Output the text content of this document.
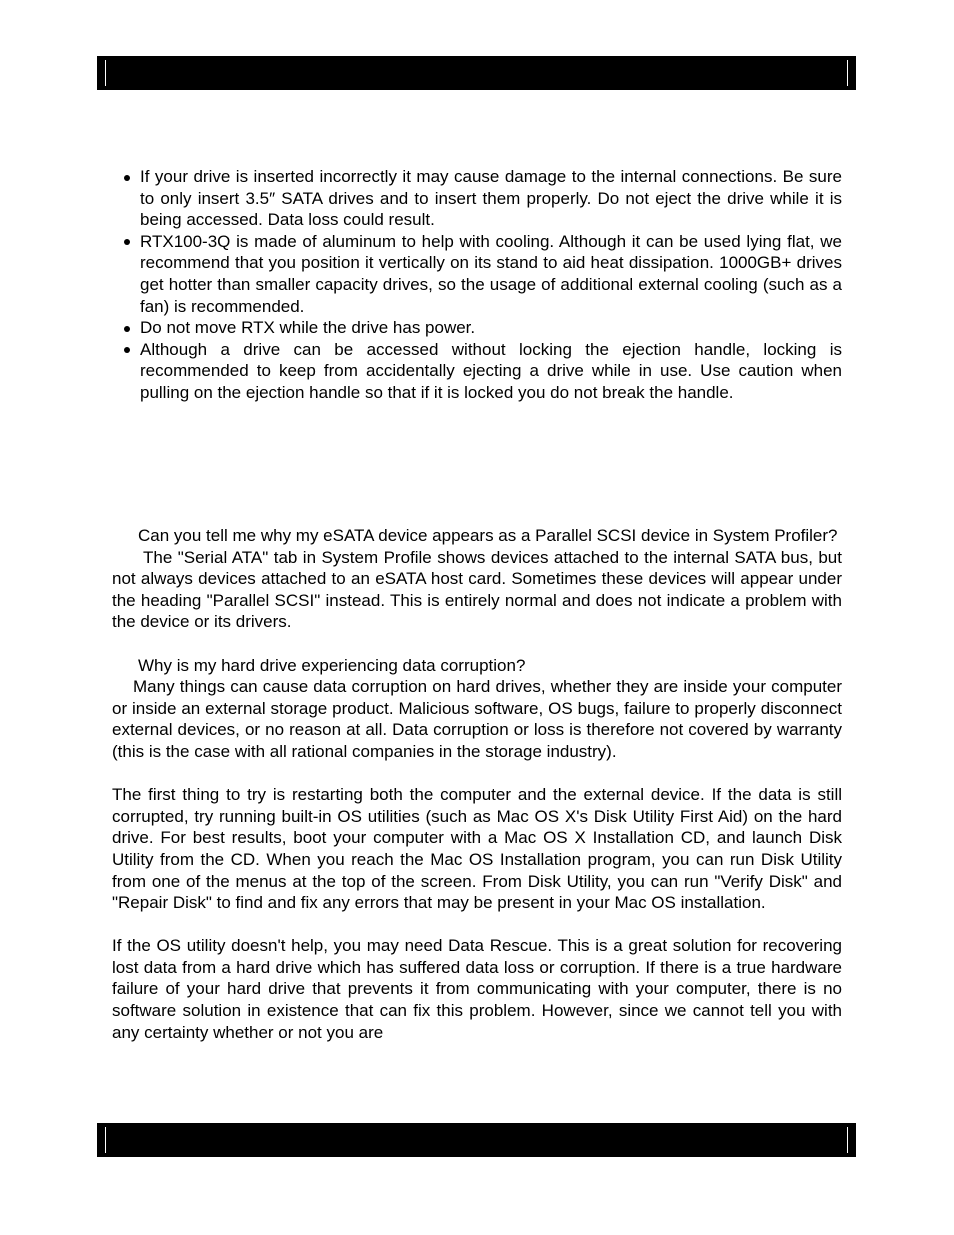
If your drive is inserted incorrectly it may cause damage to the internal connections. Be sure to only insert 3.5″ SATA drives and to insert them properly. Do not eject the drive while it is being accessed. Data loss could result.
RTX100-3Q is made of aluminum to help with cooling. Although it can be used lying flat, we recommend that you position it vertically on its stand to aid heat dissipation. 1000GB+ drives get hotter than smaller capacity drives, so the usage of additional external cooling (such as a fan) is recommended.
Do not move RTX while the drive has power.
Although a drive can be accessed without locking the ejection handle, locking is recommended to keep from accidentally ejecting a drive while in use. Use caution when pulling on the ejection handle so that if it is locked you do not break the handle.

Can you tell me why my eSATA device appears as a Parallel SCSI device in System Profiler?

The "Serial ATA" tab in System Profile shows devices attached to the internal SATA bus, but not always devices attached to an eSATA host card. Sometimes these devices will appear under the heading "Parallel SCSI" instead. This is entirely normal and does not indicate a problem with the device or its drivers.

Why is my hard drive experiencing data corruption?

Many things can cause data corruption on hard drives, whether they are inside your computer or inside an external storage product. Malicious software, OS bugs, failure to properly disconnect external devices, or no reason at all. Data corruption or loss is therefore not covered by warranty (this is the case with all rational companies in the storage industry).

The first thing to try is restarting both the computer and the external device. If the data is still corrupted, try running built-in OS utilities (such as Mac OS X's Disk Utility First Aid) on the hard drive. For best results, boot your computer with a Mac OS X Installation CD, and launch Disk Utility from the CD. When you reach the Mac OS Installation program, you can run Disk Utility from one of the menus at the top of the screen. From Disk Utility, you can run "Verify Disk" and "Repair Disk" to find and fix any errors that may be present in your Mac OS installation.

If the OS utility doesn't help, you may need Data Rescue. This is a great solution for recovering lost data from a hard drive which has suffered data loss or corruption. If there is a true hardware failure of your hard drive that prevents it from communicating with your computer, there is no software solution in existence that can fix this problem. However, since we cannot tell you with any certainty whether or not you are
